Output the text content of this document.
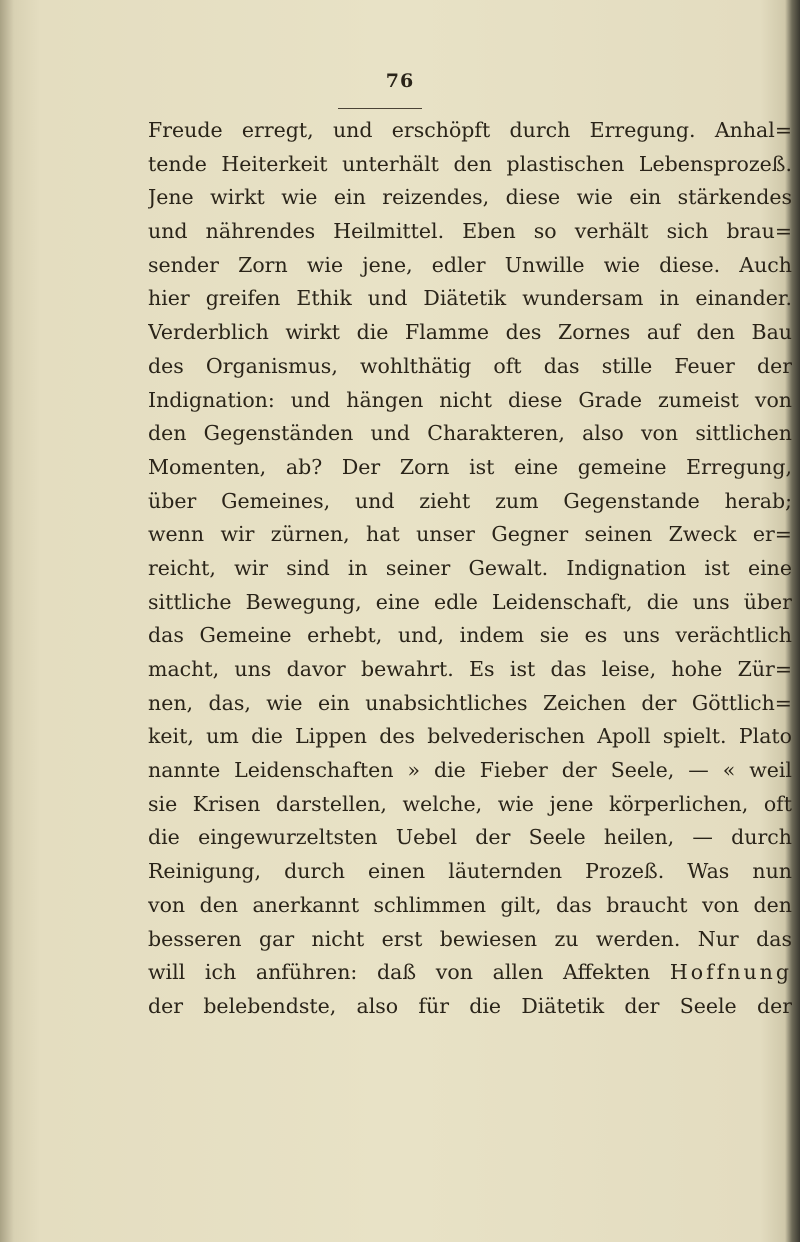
76
Freude erregt, und erschöpft durch Erregung. Anhal=
tende Heiterkeit unterhält den plastischen Lebensprozeß.
Jene wirkt wie ein reizendes, diese wie ein stärkendes
und nährendes Heilmittel. Eben so verhält sich brau=
sender Zorn wie jene, edler Unwille wie diese. Auch
hier greifen Ethik und Diätetik wundersam in einander.
Verderblich wirkt die Flamme des Zornes auf den Bau
des Organismus, wohlthätig oft das stille Feuer der
Indignation: und hängen nicht diese Grade zumeist von
den Gegenständen und Charakteren, also von sittlichen
Momenten, ab? Der Zorn ist eine gemeine Erregung,
über Gemeines, und zieht zum Gegenstande herab;
wenn wir zürnen, hat unser Gegner seinen Zweck er=
reicht, wir sind in seiner Gewalt. Indignation ist eine
sittliche Bewegung, eine edle Leidenschaft, die uns über
das Gemeine erhebt, und, indem sie es uns verächtlich
macht, uns davor bewahrt. Es ist das leise, hohe Zür=
nen, das, wie ein unabsichtliches Zeichen der Göttlich=
keit, um die Lippen des belvederischen Apoll spielt. Plato
nannte Leidenschaften » die Fieber der Seele, — « weil
sie Krisen darstellen, welche, wie jene körperlichen, oft
die eingewurzeltsten Uebel der Seele heilen, — durch
Reinigung, durch einen läuternden Prozeß. Was nun
von den anerkannt schlimmen gilt, das braucht von den
besseren gar nicht erst bewiesen zu werden. Nur das
will ich anführen: daß von allen Affekten Hoffnung
der belebendste, also für die Diätetik der Seele der
